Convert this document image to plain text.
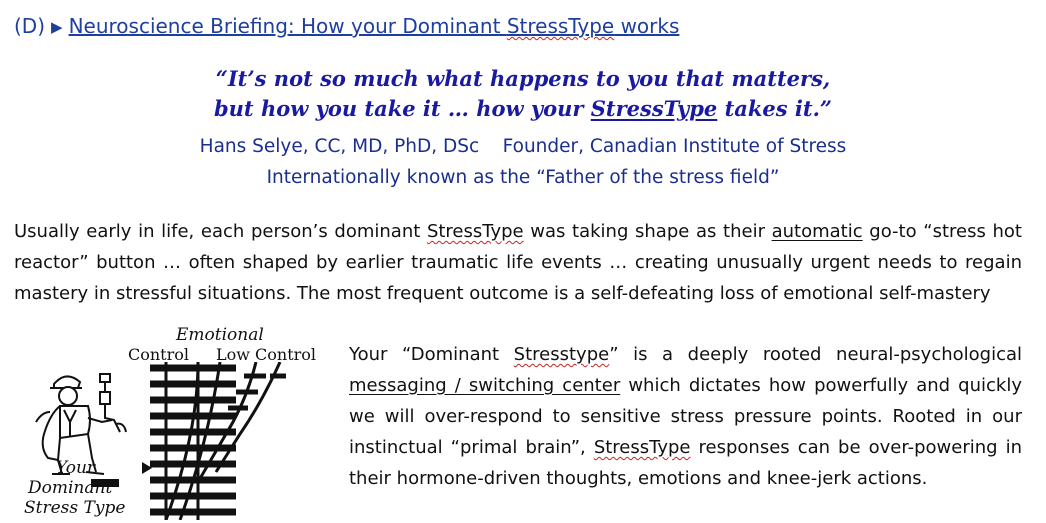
(D) ▶ Neuroscience Briefing: How your Dominant StressType works
“It’s not so much what happens to you that matters,
but how you take it … how your StressType takes it.”
Hans Selye, CC, MD, PhD, DSc    Founder, Canadian Institute of Stress
Internationally known as the “Father of the stress field”
Usually early in life, each person’s dominant StressType was taking shape as their automatic go-to “stress hot reactor” button … often shaped by earlier traumatic life events … creating unusually urgent needs to regain mastery in stressful situations. The most frequent outcome is a self-defeating loss of emotional self-mastery
Emotional
Control Low Control
Your
Dominant
Stress Type
Your “Dominant Stresstype” is a deeply rooted neural-psychological messaging / switching center which dictates how powerfully and quickly we will over-respond to sensitive stress pressure points. Rooted in our instinctual “primal brain”, StressType responses can be over-powering in their hormone-driven thoughts, emotions and knee-jerk actions.
